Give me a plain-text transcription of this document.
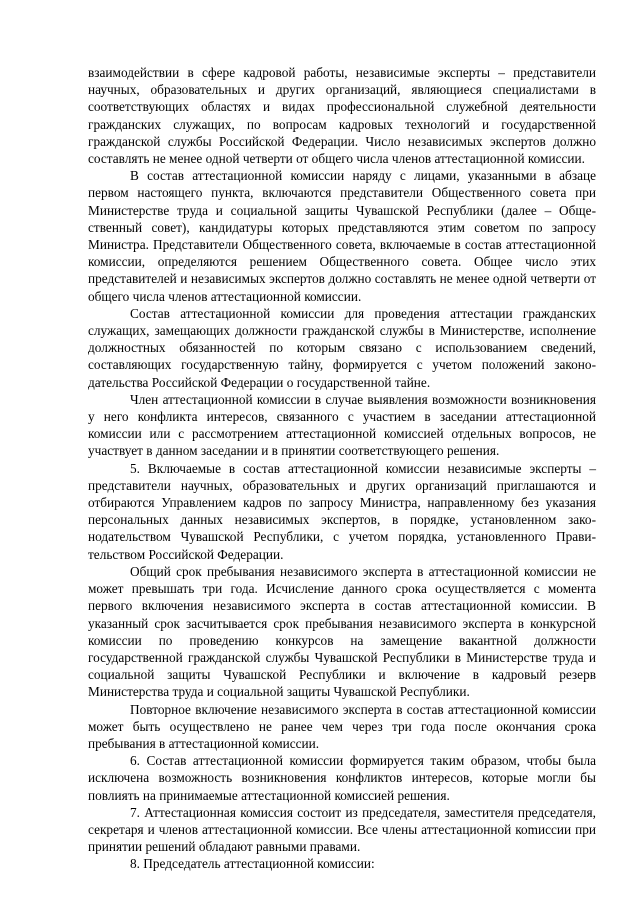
взаимодействии в сфере кадровой работы, независимые эксперты – представители научных, образовательных и других организаций, являющиеся специалистами в соответствующих областях и видах профессиональной служебной деятельности гражданских служащих, по вопросам кадровых технологий и государственной гражданской службы Российской Федерации. Число независимых экспертов должно составлять не менее одной четверти от общего числа членов аттестационной комиссии.

В состав аттестационной комиссии наряду с лицами, указанными в абзаце первом настоящего пункта, включаются представители Общественного совета при Министерстве труда и социальной защиты Чувашской Республики (далее – Общественный совет), кандидатуры которых представляются этим советом по запросу Министра. Представители Общественного совета, включаемые в состав аттестационной комиссии, определяются решением Общественного совета. Общее число этих представителей и независимых экспертов должно составлять не менее одной четверти от общего числа членов аттестационной комиссии.

Состав аттестационной комиссии для проведения аттестации гражданских служащих, замещающих должности гражданской службы в Министерстве, исполнение должностных обязанностей по которым связано с использованием сведений, составляющих государственную тайну, формируется с учетом положений законодательства Российской Федерации о государственной тайне.

Член аттестационной комиссии в случае выявления возможности возникновения у него конфликта интересов, связанного с участием в заседании аттестационной комиссии или с рассмотрением аттестационной комиссией отдельных вопросов, не участвует в данном заседании и в принятии соответствующего решения.

5. Включаемые в состав аттестационной комиссии независимые эксперты – представители научных, образовательных и других организаций приглашаются и отбираются Управлением кадров по запросу Министра, направленному без указания персональных данных независимых экспертов, в порядке, установленном законодательством Чувашской Республики, с учетом порядка, установленного Правительством Российской Федерации.

Общий срок пребывания независимого эксперта в аттестационной комиссии не может превышать три года. Исчисление данного срока осуществляется с момента первого включения независимого эксперта в состав аттестационной комиссии. В указанный срок засчитывается срок пребывания независимого эксперта в конкурсной комиссии по проведению конкурсов на замещение вакантной должности государственной гражданской службы Чувашской Республики в Министерстве труда и социальной защиты Чувашской Республики и включение в кадровый резерв Министерства труда и социальной защиты Чувашской Республики.

Повторное включение независимого эксперта в состав аттестационной комиссии может быть осуществлено не ранее чем через три года после окончания срока пребывания в аттестационной комиссии.

6. Состав аттестационной комиссии формируется таким образом, чтобы была исключена возможность возникновения конфликтов интересов, которые могли бы повлиять на принимаемые аттестационной комиссией решения.

7. Аттестационная комиссия состоит из председателя, заместителя председателя, секретаря и членов аттестационной комиссии. Все члены аттестационной коmиссии при принятии решений обладают равными правами.

8. Председатель аттестационной комиссии:
